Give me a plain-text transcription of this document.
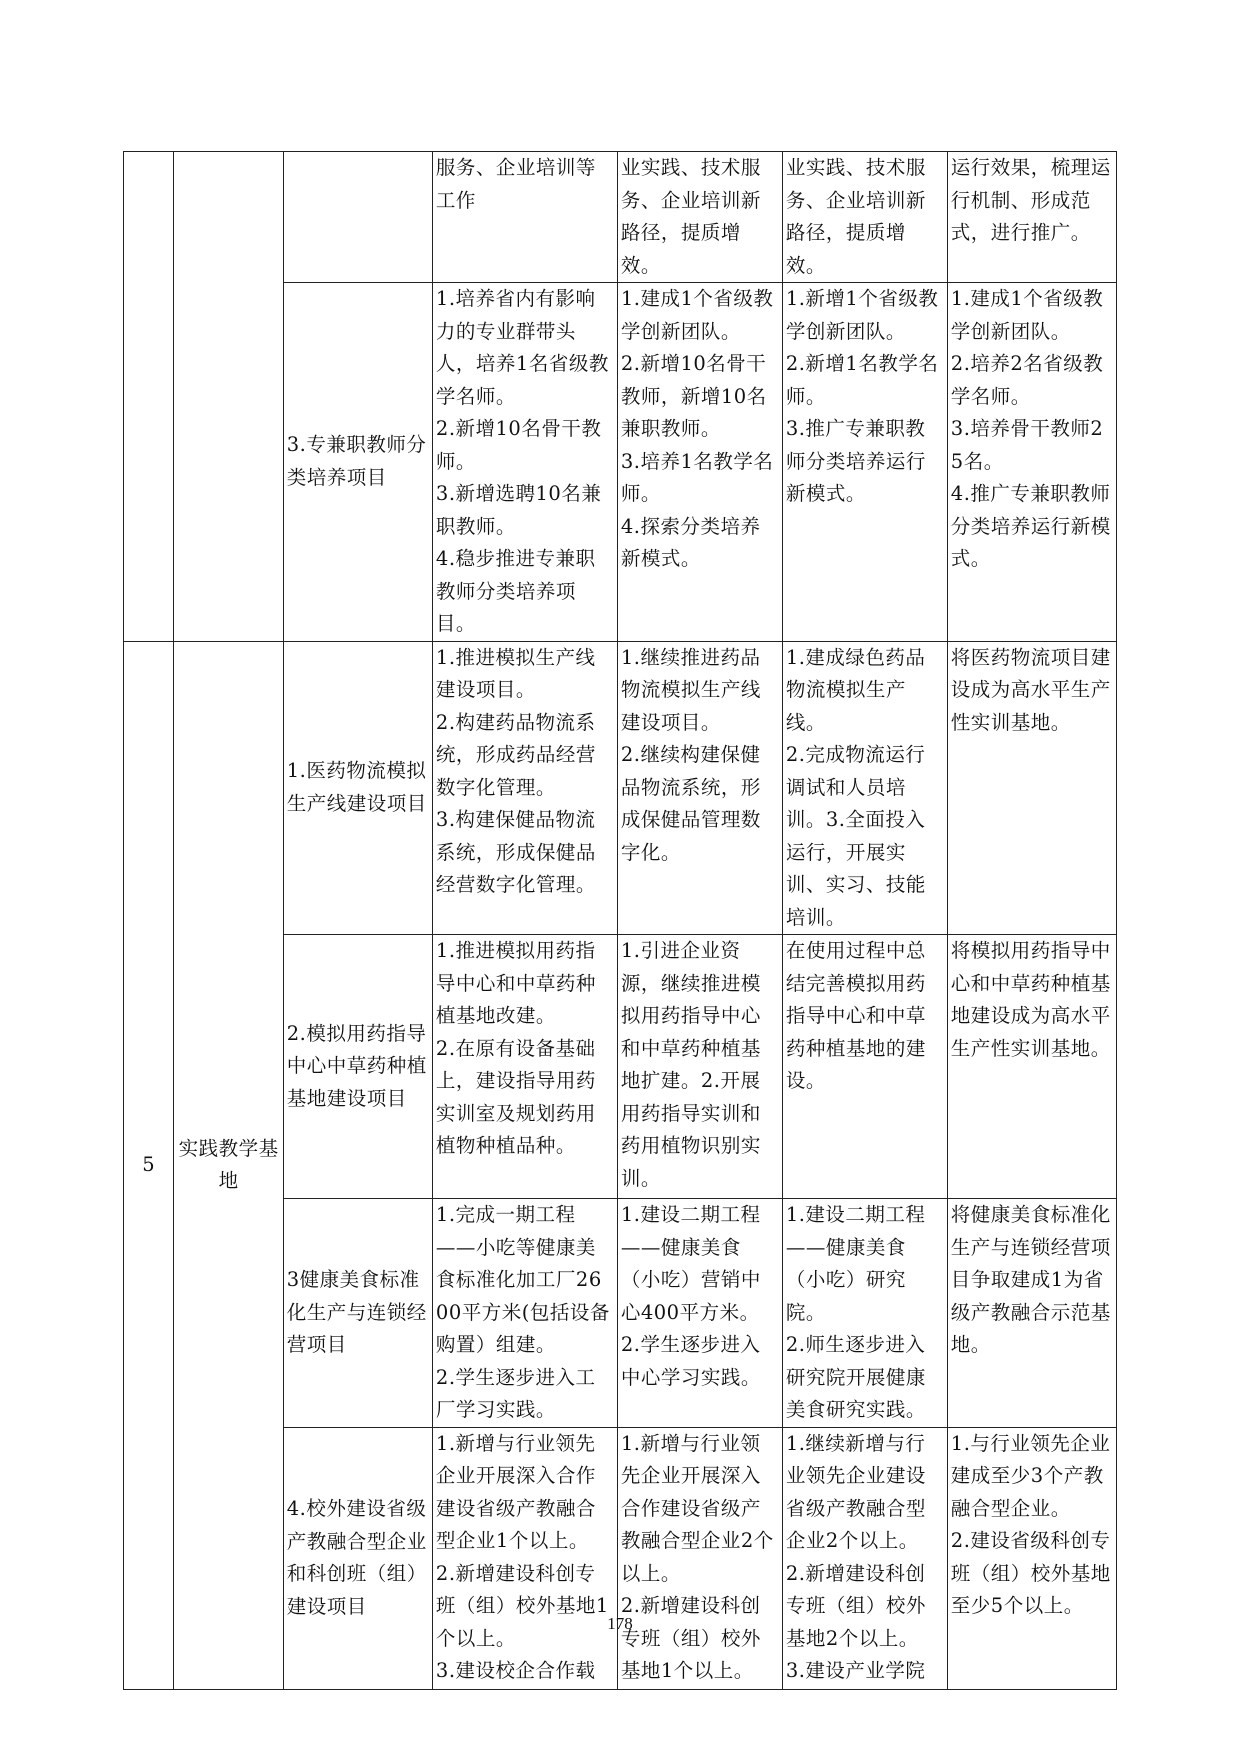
			服务、企业培训等工作	业实践、技术服务、企业培训新路径，提质增效。	业实践、技术服务、企业培训新路径，提质增效。	运行效果，梳理运行机制、形成范式，进行推广。
		3.专兼职教师分类培养项目	1.培养省内有影响力的专业群带头人，培养1名省级教学名师。
2.新增10名骨干教师。
3.新增选聘10名兼职教师。
4.稳步推进专兼职教师分类培养项目。	1.建成1个省级教学创新团队。
2.新增10名骨干教师，新增10名兼职教师。
3.培养1名教学名师。
4.探索分类培养新模式。	1.新增1个省级教学创新团队。
2.新增1名教学名师。
3.推广专兼职教师分类培养运行新模式。	1.建成1个省级教学创新团队。
2.培养2名省级教学名师。
3.培养骨干教师25名。
4.推广专兼职教师分类培养运行新模式。
5	实践教学基地	1.医药物流模拟生产线建设项目	1.推进模拟生产线建设项目。
2.构建药品物流系统，形成药品经营数字化管理。
3.构建保健品物流系统，形成保健品经营数字化管理。	1.继续推进药品物流模拟生产线建设项目。
2.继续构建保健品物流系统，形成保健品管理数字化。	1.建成绿色药品物流模拟生产线。
2.完成物流运行调试和人员培训。3.全面投入运行，开展实训、实习、技能培训。	将医药物流项目建设成为高水平生产性实训基地。
		2.模拟用药指导中心中草药种植基地建设项目	1.推进模拟用药指导中心和中草药种植基地改建。
2.在原有设备基础上，建设指导用药实训室及规划药用植物种植品种。	1.引进企业资源，继续推进模拟用药指导中心和中草药种植基地扩建。2.开展用药指导实训和药用植物识别实训。	在使用过程中总结完善模拟用药指导中心和中草药种植基地的建设。	将模拟用药指导中心和中草药种植基地建设成为高水平生产性实训基地。
		3健康美食标准化生产与连锁经营项目	1.完成一期工程——小吃等健康美食标准化加工厂2600平方米(包括设备购置）组建。
2.学生逐步进入工厂学习实践。	1.建设二期工程——健康美食（小吃）营销中心400平方米。
2.学生逐步进入中心学习实践。	1.建设二期工程——健康美食（小吃）研究院。
2.师生逐步进入研究院开展健康美食研究实践。	将健康美食标准化生产与连锁经营项目争取建成1为省级产教融合示范基地。
		4.校外建设省级产教融合型企业和科创班（组）建设项目	1.新增与行业领先企业开展深入合作建设省级产教融合型企业1个以上。
2.新增建设科创专班（组）校外基地1个以上。
3.建设校企合作载	1.新增与行业领先企业开展深入合作建设省级产教融合型企业2个以上。
2.新增建设科创专班（组）校外基地1个以上。	1.继续新增与行业领先企业建设省级产教融合型企业2个以上。
2.新增建设科创专班（组）校外基地2个以上。
3.建设产业学院	1.与行业领先企业建成至少3个产教融合型企业。
2.建设省级科创专班（组）校外基地至少5个以上。
178
